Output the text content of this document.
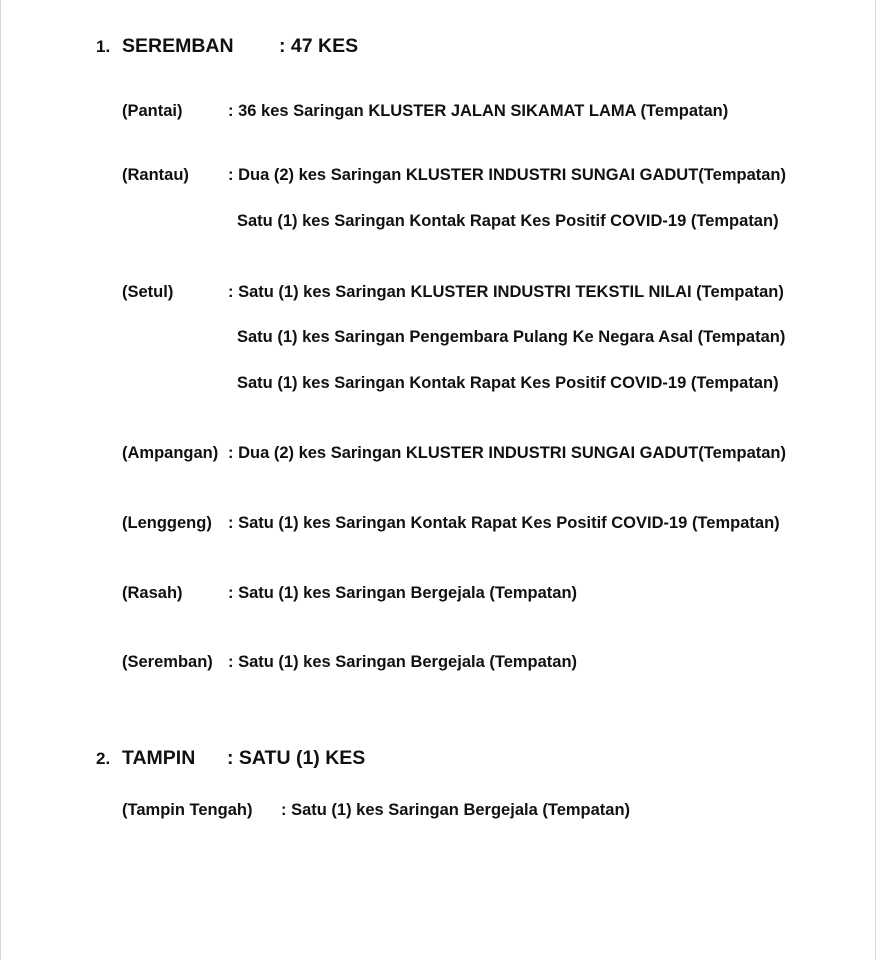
1. SEREMBAN : 47 KES
(Pantai)	: 36 kes Saringan KLUSTER JALAN SIKAMAT LAMA (Tempatan)
(Rantau) : Dua (2) kes Saringan KLUSTER INDUSTRI SUNGAI GADUT(Tempatan)
Satu (1) kes Saringan Kontak Rapat Kes Positif COVID-19 (Tempatan)
(Setul)	: Satu (1) kes Saringan KLUSTER INDUSTRI TEKSTIL NILAI (Tempatan)
Satu (1) kes Saringan Pengembara Pulang Ke Negara Asal (Tempatan)
Satu (1) kes Saringan Kontak Rapat Kes Positif COVID-19 (Tempatan)
(Ampangan) : Dua (2) kes Saringan KLUSTER INDUSTRI SUNGAI GADUT(Tempatan)
(Lenggeng) : Satu (1) kes Saringan Kontak Rapat Kes Positif COVID-19 (Tempatan)
(Rasah)	: Satu (1) kes Saringan Bergejala (Tempatan)
(Seremban) : Satu (1) kes Saringan Bergejala (Tempatan)
2. TAMPIN : SATU (1) KES
(Tampin Tengah) : Satu (1) kes Saringan Bergejala (Tempatan)
